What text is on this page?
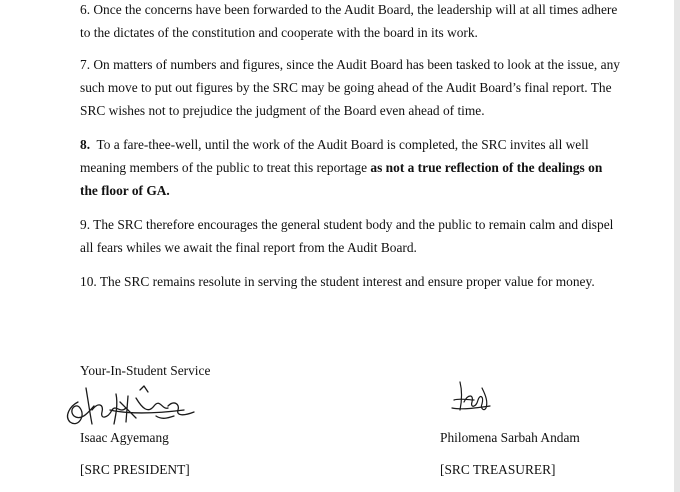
6. Once the concerns have been forwarded to the Audit Board, the leadership will at all times adhere to the dictates of the constitution and cooperate with the board in its work.

7. On matters of numbers and figures, since the Audit Board has been tasked to look at the issue, any such move to put out figures by the SRC may be going ahead of the Audit Board’s final report. The SRC wishes not to prejudice the judgment of the Board even ahead of time.

8. To a fare-thee-well, until the work of the Audit Board is completed, the SRC invites all well meaning members of the public to treat this reportage as not a true reflection of the dealings on the floor of GA.

9. The SRC therefore encourages the general student body and the public to remain calm and dispel all fears whiles we await the final report from the Audit Board.

10. The SRC remains resolute in serving the student interest and ensure proper value for money.

Your-In-Student Service
Isaac Agyemang
[SRC PRESIDENT]
Philomena Sarbah Andam
[SRC TREASURER]
